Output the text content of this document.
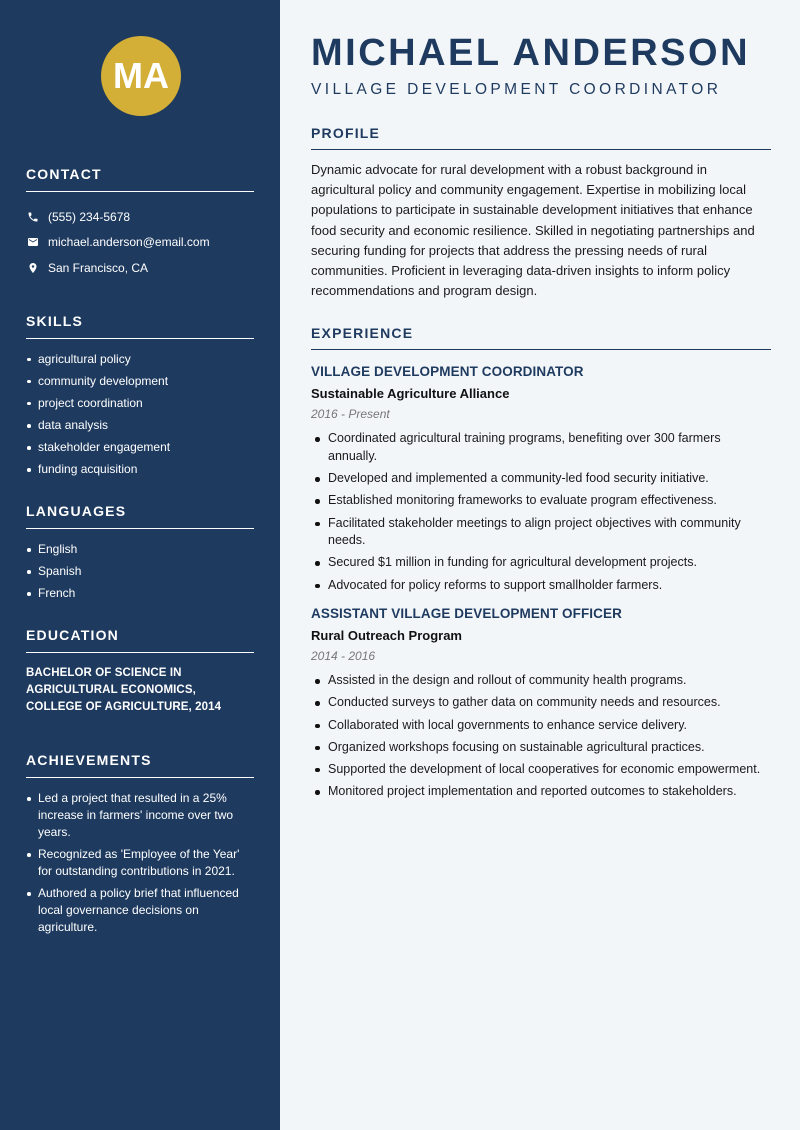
MA
CONTACT
(555) 234-5678
michael.anderson@email.com
San Francisco, CA
SKILLS
agricultural policy
community development
project coordination
data analysis
stakeholder engagement
funding acquisition
LANGUAGES
English
Spanish
French
EDUCATION

BACHELOR OF SCIENCE IN AGRICULTURAL ECONOMICS, COLLEGE OF AGRICULTURE, 2014

ACHIEVEMENTS
Led a project that resulted in a 25% increase in farmers' income over two years.
Recognized as 'Employee of the Year' for outstanding contributions in 2021.
Authored a policy brief that influenced local governance decisions on agriculture.
MICHAEL ANDERSON
VILLAGE DEVELOPMENT COORDINATOR
PROFILE

Dynamic advocate for rural development with a robust background in agricultural policy and community engagement. Expertise in mobilizing local populations to participate in sustainable development initiatives that enhance food security and economic resilience. Skilled in negotiating partnerships and securing funding for projects that address the pressing needs of rural communities. Proficient in leveraging data-driven insights to inform policy recommendations and program design.

EXPERIENCE
VILLAGE DEVELOPMENT COORDINATOR
Sustainable Agriculture Alliance
2016 - Present
Coordinated agricultural training programs, benefiting over 300 farmers annually.
Developed and implemented a community-led food security initiative.
Established monitoring frameworks to evaluate program effectiveness.
Facilitated stakeholder meetings to align project objectives with community needs.
Secured $1 million in funding for agricultural development projects.
Advocated for policy reforms to support smallholder farmers.
ASSISTANT VILLAGE DEVELOPMENT OFFICER
Rural Outreach Program
2014 - 2016
Assisted in the design and rollout of community health programs.
Conducted surveys to gather data on community needs and resources.
Collaborated with local governments to enhance service delivery.
Organized workshops focusing on sustainable agricultural practices.
Supported the development of local cooperatives for economic empowerment.
Monitored project implementation and reported outcomes to stakeholders.
